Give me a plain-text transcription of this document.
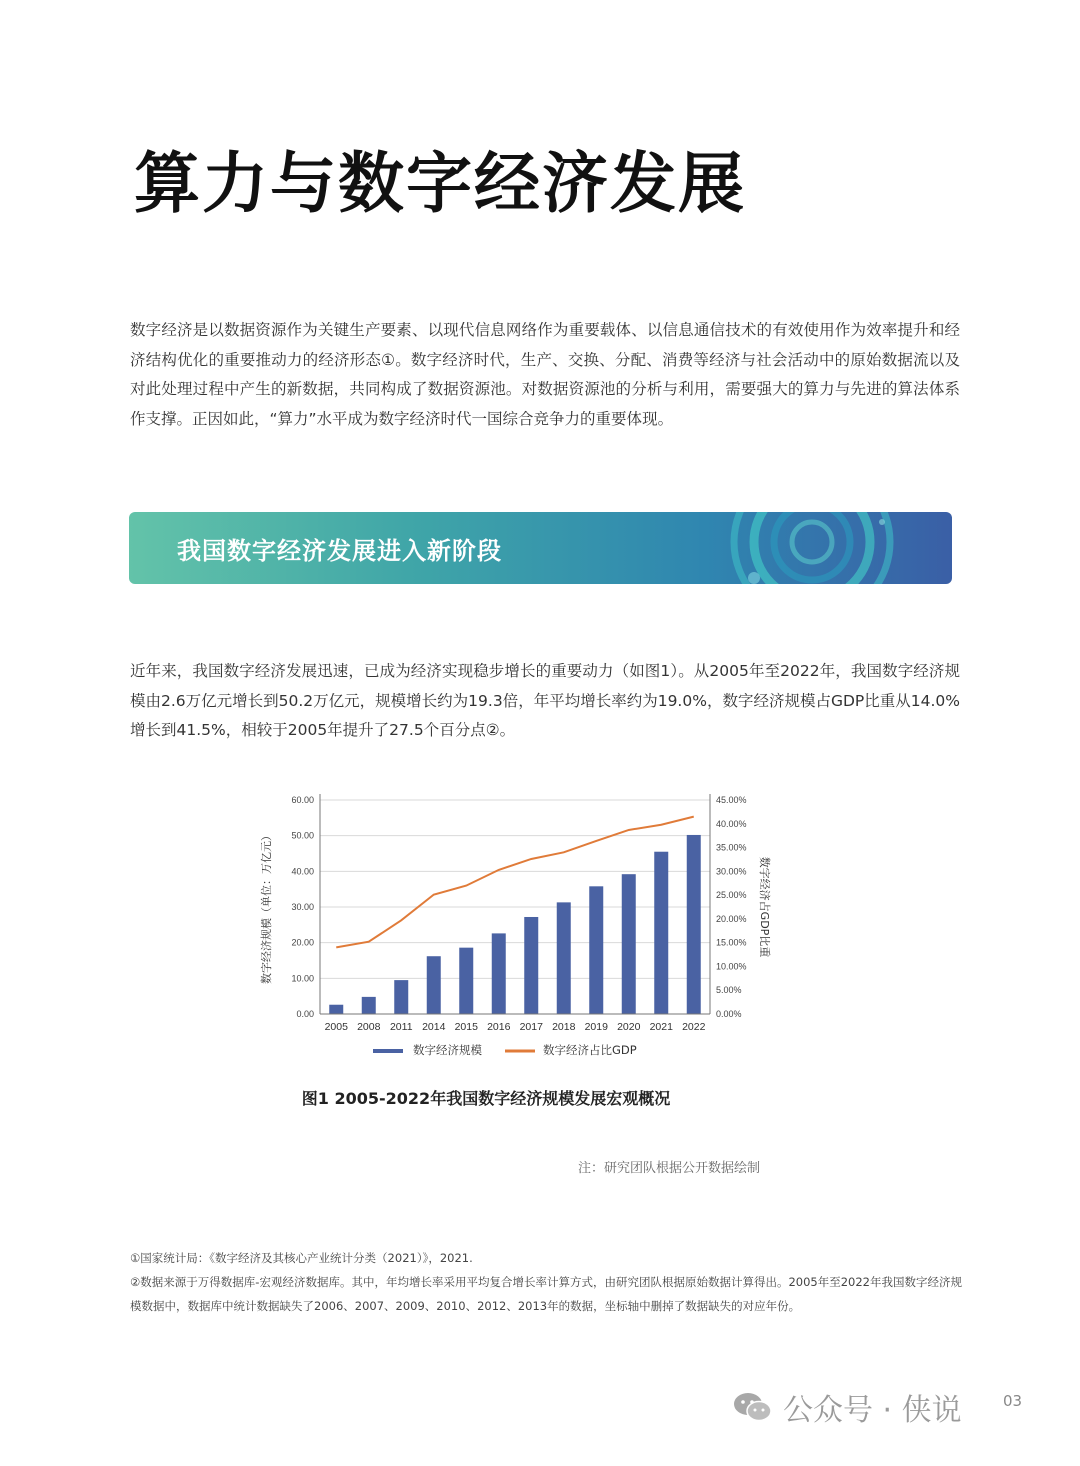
算力与数字经济发展

数字经济是以数据资源作为关键生产要素、以现代信息网络作为重要载体、以信息通信技术的有效使用作为效率提升和经济结构优化的重要推动力的经济形态①。数字经济时代，生产、交换、分配、消费等经济与社会活动中的原始数据流以及对此处理过程中产生的新数据，共同构成了数据资源池。对数据资源池的分析与利用，需要强大的算力与先进的算法体系作支撑。正因如此，“算力”水平成为数字经济时代一国综合竞争力的重要体现。

我国数字经济发展进入新阶段

近年来，我国数字经济发展迅速，已成为经济实现稳步增长的重要动力（如图1）。从2005年至2022年，我国数字经济规模由2.6万亿元增长到50.2万亿元，规模增长约为19.3倍，年平均增长率约为19.0%，数字经济规模占GDP比重从14.0%增长到41.5%，相较于2005年提升了27.5个百分点②。

0.00
10.00
20.00
30.00
40.00
50.00
60.00
0.00%
5.00%
10.00%
15.00%
20.00%
25.00%
30.00%
35.00%
40.00%
45.00%
2005 2008 2011 2014 2015 2016 2017 2018 2019 2020 2021 2022
数字经济规模（单位：万亿元）	数字经济占GDP比重
数字经济规模	数字经济占比GDP
图1 2005-2022年我国数字经济规模发展宏观概况
注：研究团队根据公开数据绘制

①国家统计局：《数字经济及其核心产业统计分类（2021）》，2021.

②数据来源于万得数据库-宏观经济数据库。其中，年均增长率采用平均复合增长率计算方式，由研究团队根据原始数据计算得出。2005年至2022年我国数字经济规模数据中，数据库中统计数据缺失了2006、2007、2009、2010、2012、2013年的数据，坐标轴中删掉了数据缺失的对应年份。

公众号 · 侠说	03
